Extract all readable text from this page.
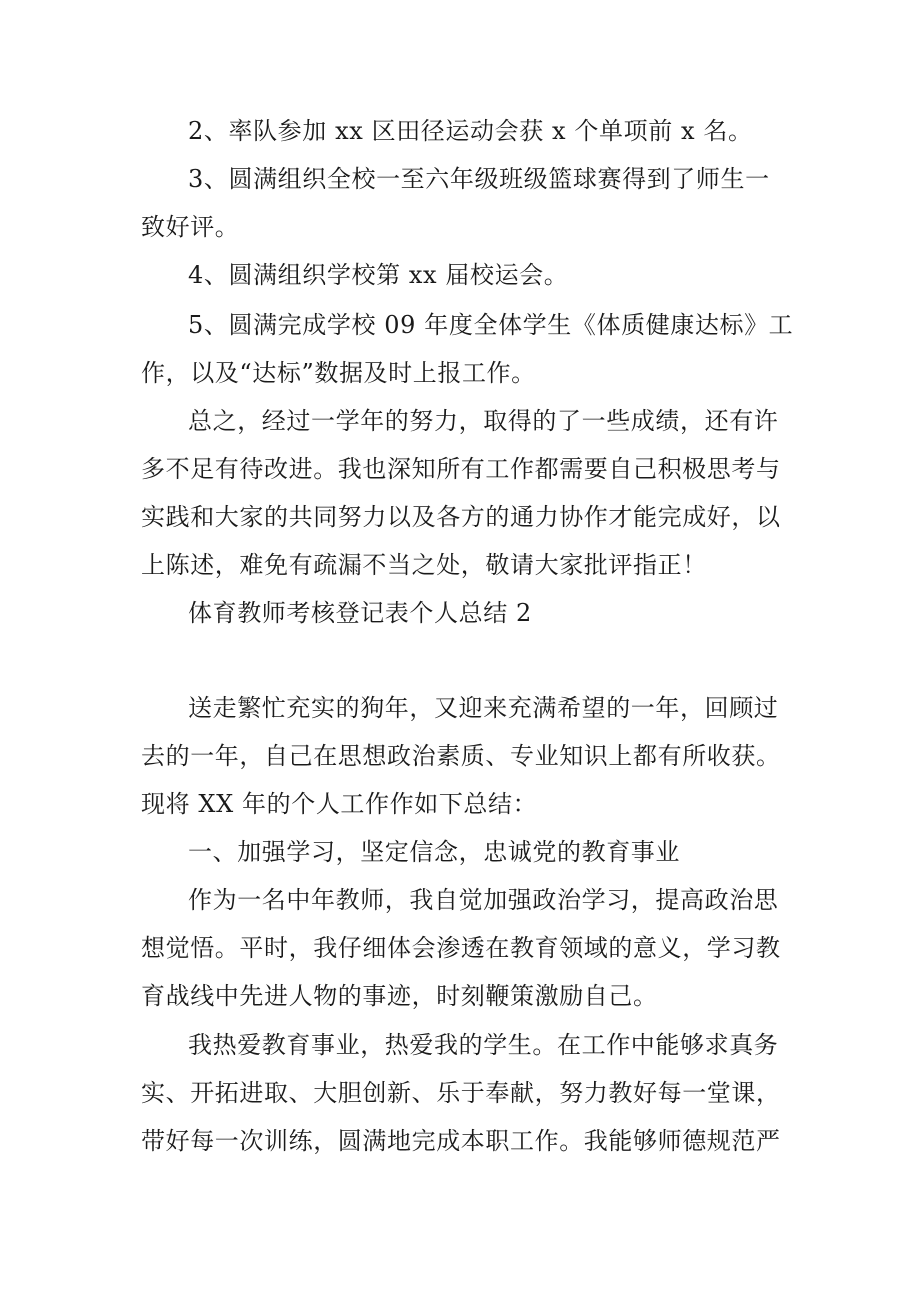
2、率队参加 xx 区田径运动会获 x 个单项前 x 名。
3、圆满组织全校一至六年级班级篮球赛得到了师生一
致好评。
4、圆满组织学校第 xx 届校运会。
5、圆满完成学校 09 年度全体学生《体质健康达标》工
作，以及“达标”数据及时上报工作。
总之，经过一学年的努力，取得的了一些成绩，还有许
多不足有待改进。我也深知所有工作都需要自己积极思考与
实践和大家的共同努力以及各方的通力协作才能完成好，以
上陈述，难免有疏漏不当之处，敬请大家批评指正！
体育教师考核登记表个人总结 2
送走繁忙充实的狗年，又迎来充满希望的一年，回顾过
去的一年，自己在思想政治素质、专业知识上都有所收获。
现将 XX 年的个人工作作如下总结：
一、加强学习，坚定信念，忠诚党的教育事业
作为一名中年教师，我自觉加强政治学习，提高政治思
想觉悟。平时，我仔细体会渗透在教育领域的意义，学习教
育战线中先进人物的事迹，时刻鞭策激励自己。
我热爱教育事业，热爱我的学生。在工作中能够求真务
实、开拓进取、大胆创新、乐于奉献，努力教好每一堂课，
带好每一次训练，圆满地完成本职工作。我能够师德规范严
